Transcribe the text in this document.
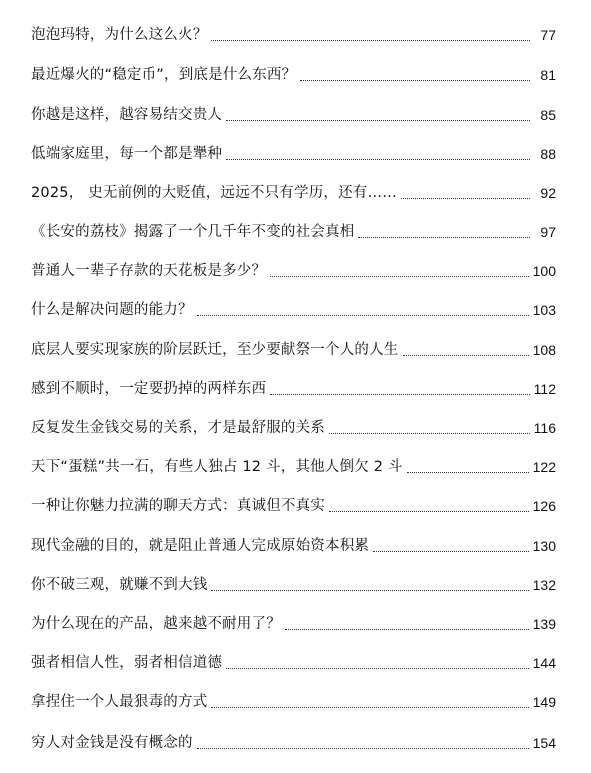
泡泡玛特，为什么这么火？	77
最近爆火的“稳定币”，到底是什么东西？	81
你越是这样，越容易结交贵人	85
低端家庭里，每一个都是犟种	88
2025， 史无前例的大贬值，远远不只有学历，还有……	92
《长安的荔枝》揭露了一个几千年不变的社会真相	97
普通人一辈子存款的天花板是多少？	100
什么是解决问题的能力？	103
底层人要实现家族的阶层跃迁，至少要献祭一个人的人生	108
感到不顺时，一定要扔掉的两样东西	112
反复发生金钱交易的关系，才是最舒服的关系	116
天下“蛋糕”共一石，有些人独占 12 斗，其他人倒欠 2 斗	122
一种让你魅力拉满的聊天方式：真诚但不真实	126
现代金融的目的，就是阻止普通人完成原始资本积累	130
你不破三观，就赚不到大钱	132
为什么现在的产品，越来越不耐用了？	139
强者相信人性，弱者相信道德	144
拿捏住一个人最狠毒的方式	149
穷人对金钱是没有概念的	154
